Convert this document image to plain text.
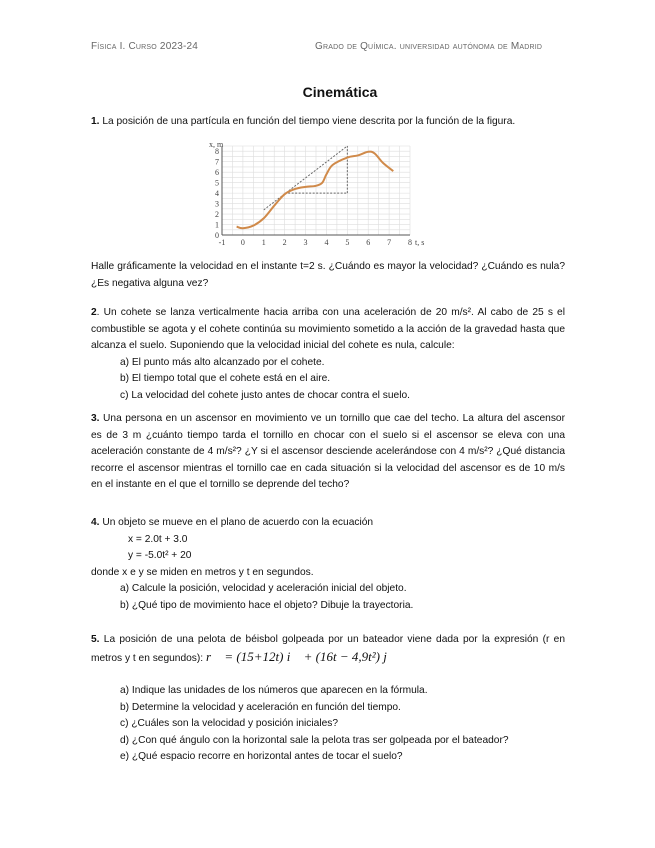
Física I. Curso 2023-24	Grado de Química. universidad autónoma de Madrid
Cinemática
1. La posición de una partícula en función del tiempo viene descrita por la función de la figura.
-1 0 1 2 3 4 5 6 7 8
0
1
2
3
4
5
6
7
8
t, s
x, m
Halle gráficamente la velocidad en el instante t=2 s. ¿Cuándo es mayor la velocidad? ¿Cuándo es nula? ¿Es negativa alguna vez?
2. Un cohete se lanza verticalmente hacia arriba con una aceleración de 20 m/s². Al cabo de 25 s el combustible se agota y el cohete continúa su movimiento sometido a la acción de la gravedad hasta que alcanza el suelo. Suponiendo que la velocidad inicial del cohete es nula, calcule:
a) El punto más alto alcanzado por el cohete.
b) El tiempo total que el cohete está en el aire.
c) La velocidad del cohete justo antes de chocar contra el suelo.
3. Una persona en un ascensor en movimiento ve un tornillo que cae del techo. La altura del ascensor es de 3 m ¿cuánto tiempo tarda el tornillo en chocar con el suelo si el ascensor se eleva con una aceleración constante de 4 m/s²? ¿Y si el ascensor desciende acelerándose con 4 m/s²? ¿Qué distancia recorre el ascensor mientras el tornillo cae en cada situación si la velocidad del ascensor es de 10 m/s en el instante en el que el tornillo se deprende del techo?
4. Un objeto se mueve en el plano de acuerdo con la ecuación
x = 2.0t + 3.0
y = -5.0t² + 20
donde x e y se miden en metros y t en segundos.
a) Calcule la posición, velocidad y aceleración inicial del objeto.
b) ¿Qué tipo de movimiento hace el objeto? Dibuje la trayectoria.
5. La posición de una pelota de béisbol golpeada por un bateador viene dada por la expresión (r en metros y t en segundos): r⃗ = (15+12t) i⃗ + (16t − 4,9t²) j⃗
a) Indique las unidades de los números que aparecen en la fórmula.
b) Determine la velocidad y aceleración en función del tiempo.
c) ¿Cuáles son la velocidad y posición iniciales?
d) ¿Con qué ángulo con la horizontal sale la pelota tras ser golpeada por el bateador?
e) ¿Qué espacio recorre en horizontal antes de tocar el suelo?
